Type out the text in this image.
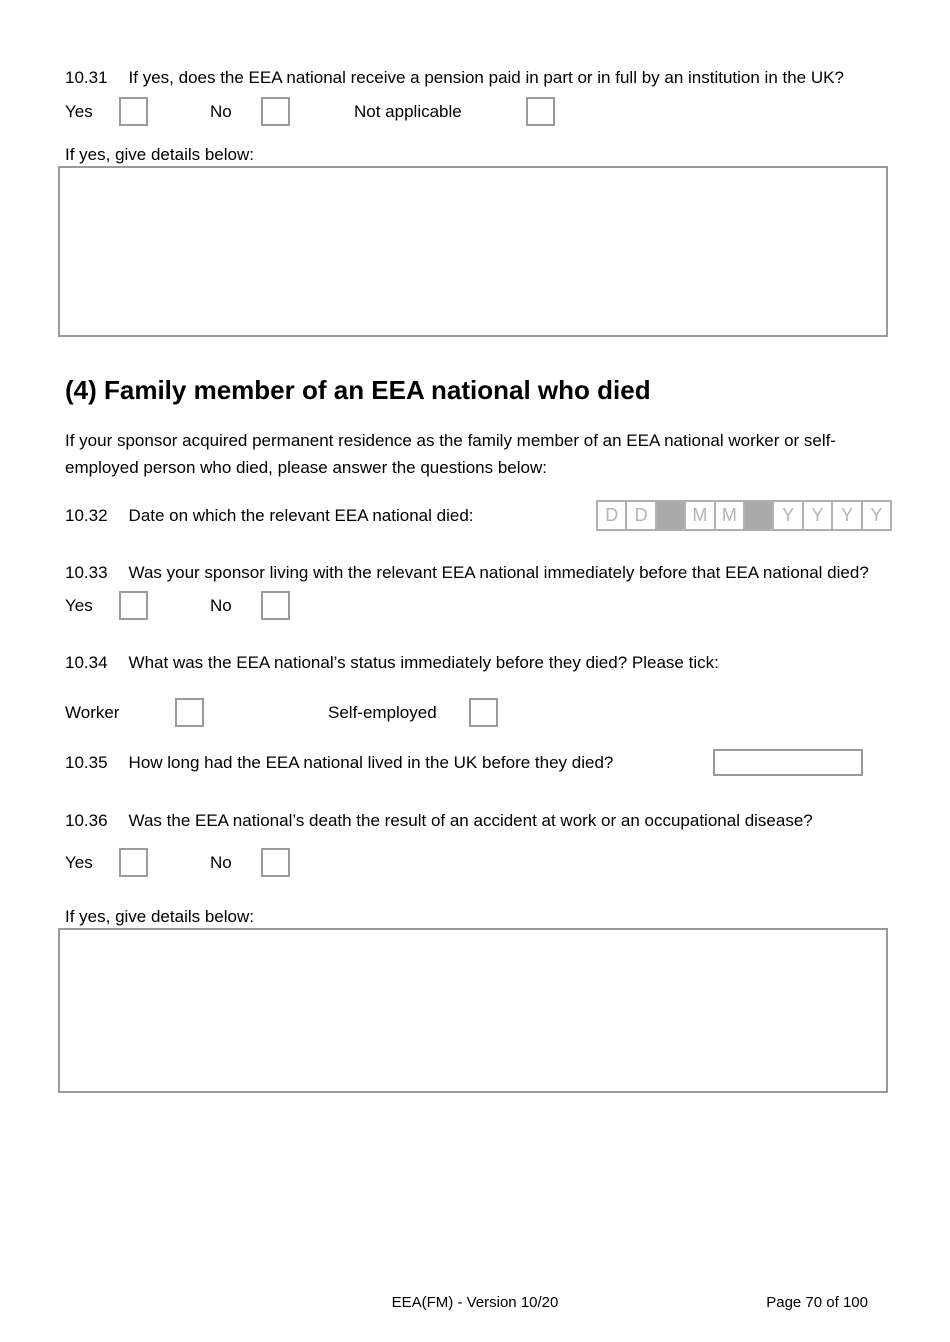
10.31 If yes, does the EEA national receive a pension paid in part or in full by an institution in the UK?

Yes	No	Not applicable
If yes, give details below:
(4) Family member of an EEA national who died

If your sponsor acquired permanent residence as the family member of an EEA national worker or self-employed person who died, please answer the questions below:

10.32 Date on which the relevant EEA national died:	D D	M M	Y Y Y Y

10.33 Was your sponsor living with the relevant EEA national immediately before that EEA national died?

Yes	No

10.34 What was the EEA national’s status immediately before they died? Please tick:

Worker	Self-employed
10.35 How long had the EEA national lived in the UK before they died?

10.36 Was the EEA national’s death the result of an accident at work or an occupational disease?

Yes	No
If yes, give details below:
EEA(FM) - Version 10/20	Page 70 of 100
